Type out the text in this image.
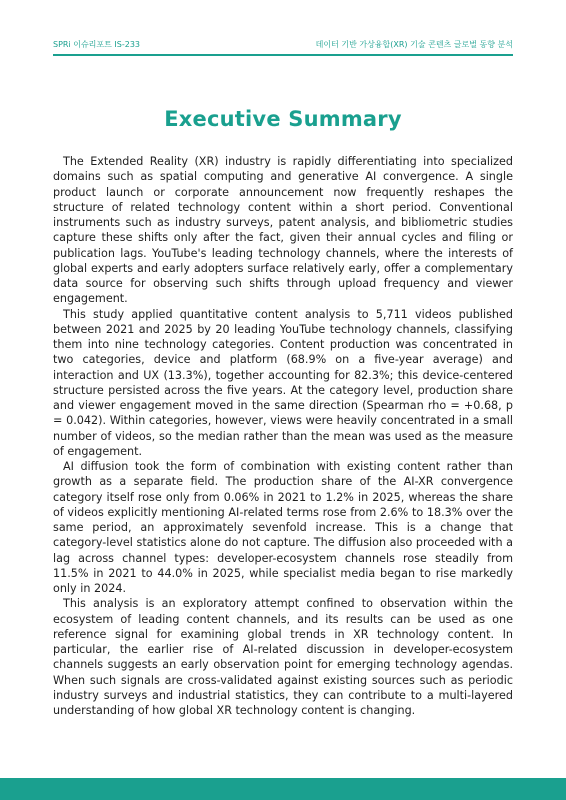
SPRi 이슈리포트 IS-233	데이터 기반 가상융합(XR) 기술 콘텐츠 글로벌 동향 분석
Executive Summary

The Extended Reality (XR) industry is rapidly differentiating into specialized domains such as spatial computing and generative AI convergence. A single product launch or corporate announcement now frequently reshapes the structure of related technology content within a short period. Conventional instruments such as industry surveys, patent analysis, and bibliometric studies capture these shifts only after the fact, given their annual cycles and filing or publication lags. YouTube's leading technology channels, where the interests of global experts and early adopters surface relatively early, offer a complementary data source for observing such shifts through upload frequency and viewer engagement.

This study applied quantitative content analysis to 5,711 videos published between 2021 and 2025 by 20 leading YouTube technology channels, classifying them into nine technology categories. Content production was concentrated in two categories, device and platform (68.9% on a five-year average) and interaction and UX (13.3%), together accounting for 82.3%; this device-centered structure persisted across the five years. At the category level, production share and viewer engagement moved in the same direction (Spearman rho = +0.68, p = 0.042). Within categories, however, views were heavily concentrated in a small number of videos, so the median rather than the mean was used as the measure of engagement.

AI diffusion took the form of combination with existing content rather than growth as a separate field. The production share of the AI-XR convergence category itself rose only from 0.06% in 2021 to 1.2% in 2025, whereas the share of videos explicitly mentioning AI-related terms rose from 2.6% to 18.3% over the same period, an approximately sevenfold increase. This is a change that category-level statistics alone do not capture. The diffusion also proceeded with a lag across channel types: developer-ecosystem channels rose steadily from 11.5% in 2021 to 44.0% in 2025, while specialist media began to rise markedly only in 2024.

This analysis is an exploratory attempt confined to observation within the ecosystem of leading content channels, and its results can be used as one reference signal for examining global trends in XR technology content. In particular, the earlier rise of AI-related discussion in developer-ecosystem channels suggests an early observation point for emerging technology agendas. When such signals are cross-validated against existing sources such as periodic industry surveys and industrial statistics, they can contribute to a multi-layered understanding of how global XR technology content is changing.
